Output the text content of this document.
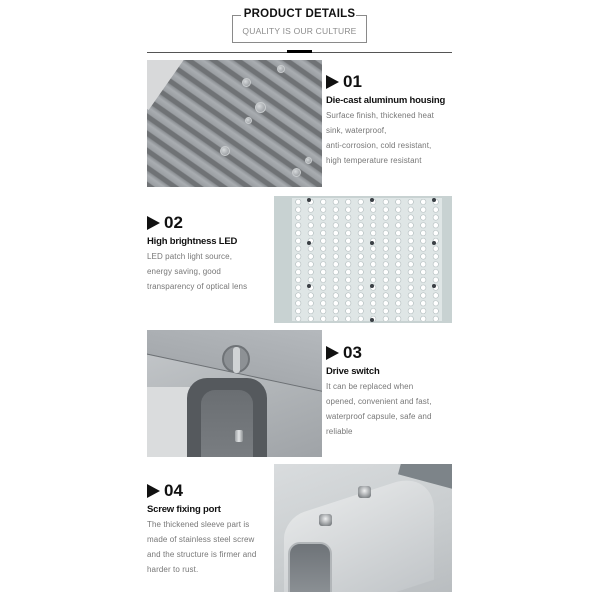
PRODUCT DETAILS
QUALITY IS OUR CULTURE
01
Die-cast aluminum housing
Surface finish, thickened heat
sink, waterproof,
anti-corrosion, cold resistant,
high temperature resistant
02
High brightness LED
LED patch light source,
energy saving, good
transparency of optical lens
03
Drive switch
It can be replaced when
opened, convenient and fast,
waterproof capsule, safe and
reliable
04
Screw fixing port
The thickened sleeve part is
made of stainless steel screw
and the structure is firmer and
harder to rust.
